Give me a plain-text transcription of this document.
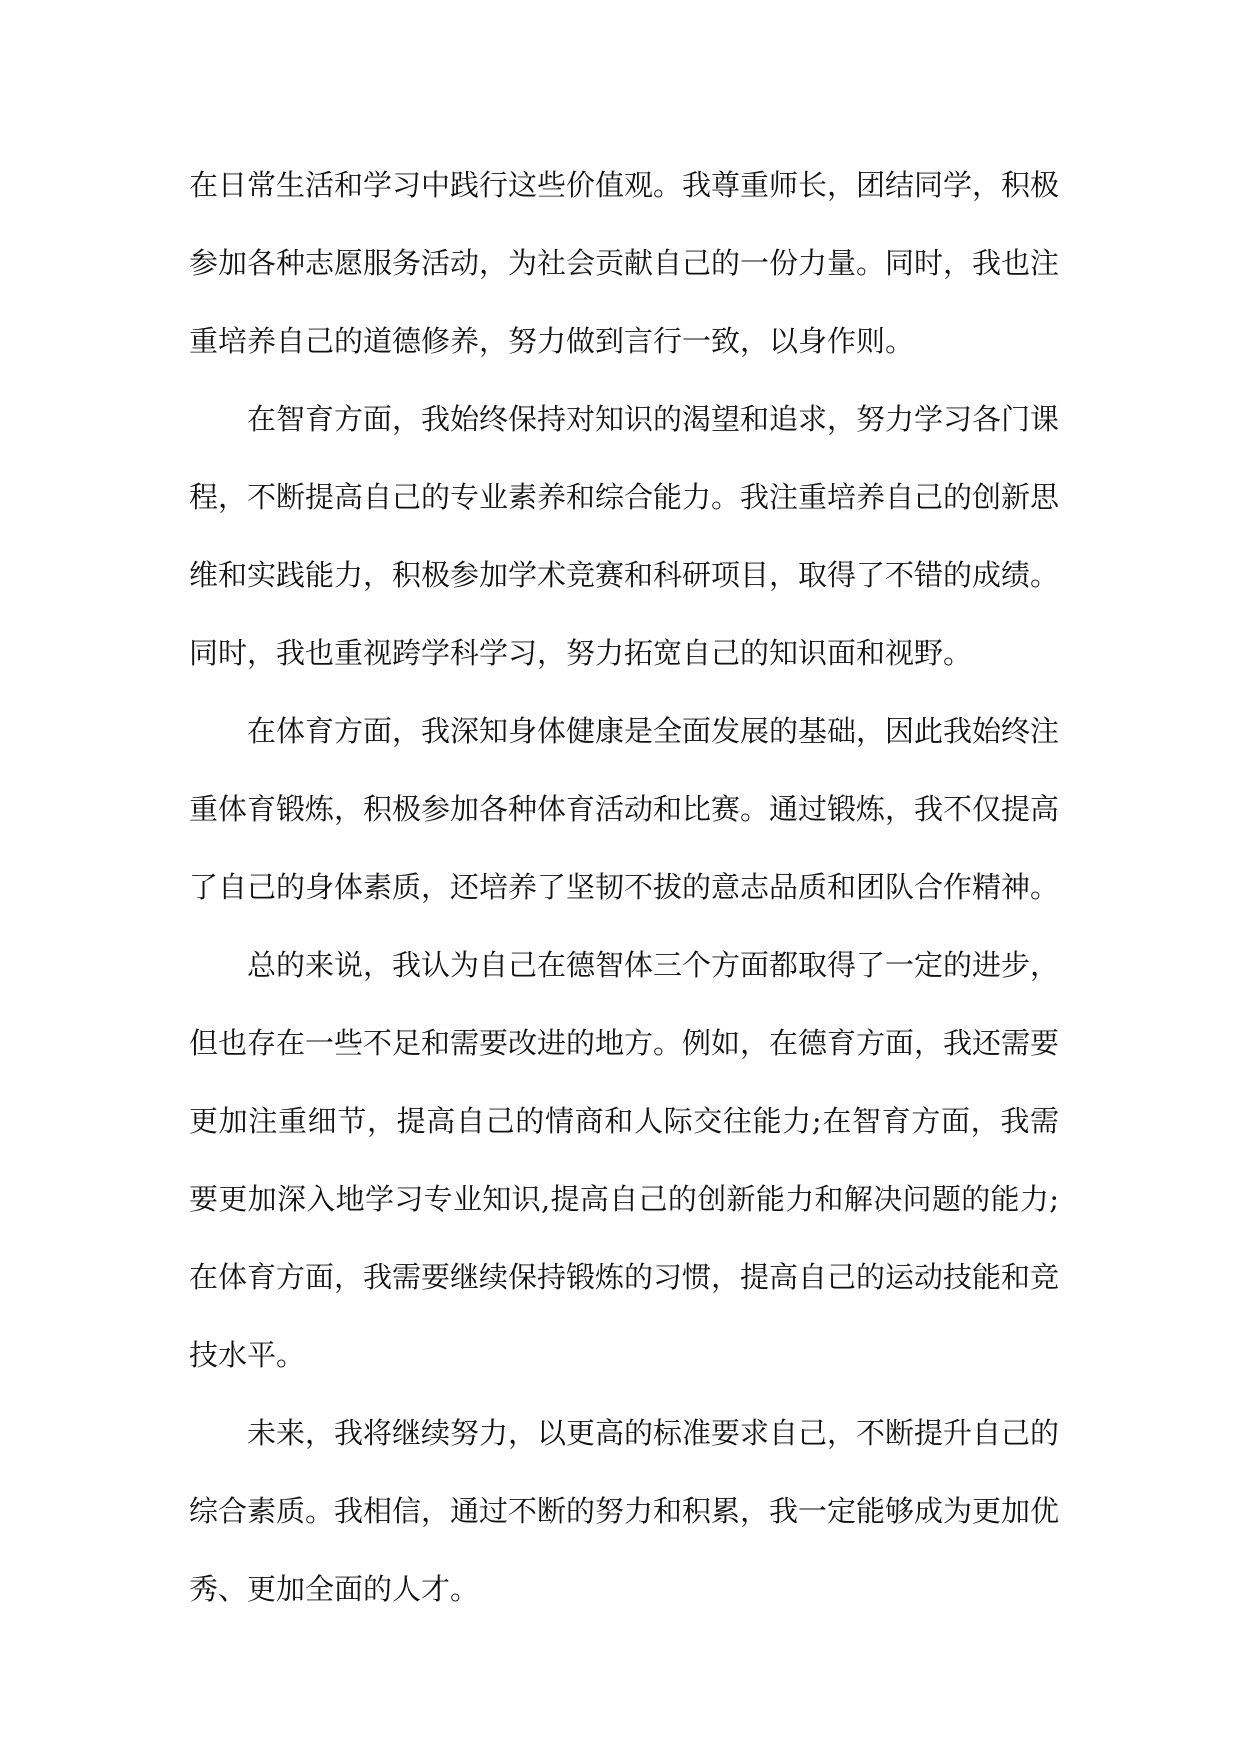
在日常生活和学习中践行这些价值观。我尊重师长，团结同学，积极参加各种志愿服务活动，为社会贡献自己的一份力量。同时，我也注重培养自己的道德修养，努力做到言行一致，以身作则。

在智育方面，我始终保持对知识的渴望和追求，努力学习各门课程，不断提高自己的专业素养和综合能力。我注重培养自己的创新思维和实践能力，积极参加学术竞赛和科研项目，取得了不错的成绩。同时，我也重视跨学科学习，努力拓宽自己的知识面和视野。

在体育方面，我深知身体健康是全面发展的基础，因此我始终注重体育锻炼，积极参加各种体育活动和比赛。通过锻炼，我不仅提高了自己的身体素质，还培养了坚韧不拔的意志品质和团队合作精神。

总的来说，我认为自己在德智体三个方面都取得了一定的进步，但也存在一些不足和需要改进的地方。例如，在德育方面，我还需要更加注重细节，提高自己的情商和人际交往能力;在智育方面，我需要更加深入地学习专业知识,提高自己的创新能力和解决问题的能力;在体育方面，我需要继续保持锻炼的习惯，提高自己的运动技能和竞技水平。

未来，我将继续努力，以更高的标准要求自己，不断提升自己的综合素质。我相信，通过不断的努力和积累，我一定能够成为更加优秀、更加全面的人才。
